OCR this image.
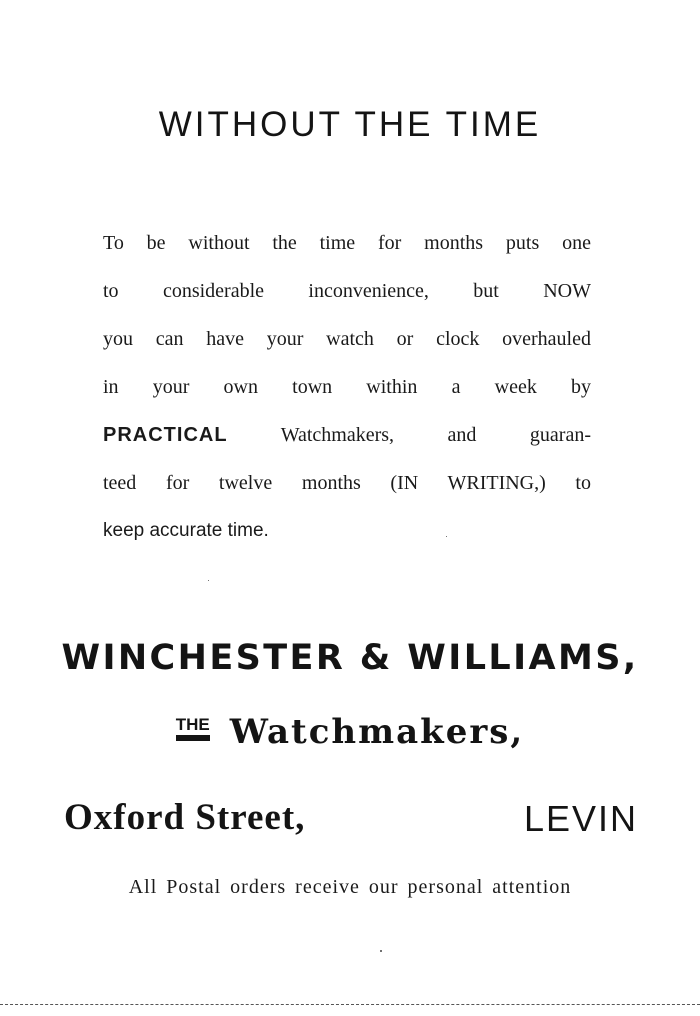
WITHOUT THE TIME
To be without the time for months puts one
to considerable inconvenience, but NOW
you can have your watch or clock overhauled
in your own town within a week by
PRACTICAL	Watchmakers, and guaran-
teed for twelve months (IN WRITING,) to
keep accurate time.
WINCHESTER & WILLIAMS,
THE Watchmakers,
Oxford Street,	LEVIN
All Postal orders receive our personal attention
